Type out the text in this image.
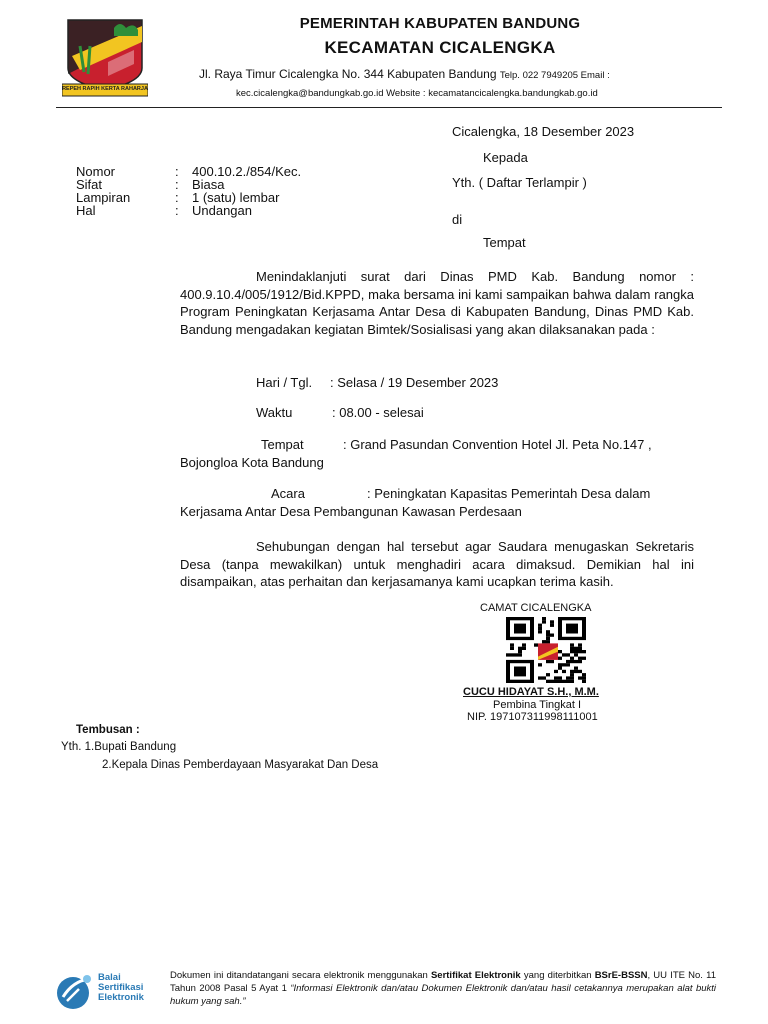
REPEH RAPIH KERTA RAHARJA
PEMERINTAH KABUPATEN BANDUNG
KECAMATAN CICALENGKA
Jl. Raya Timur Cicalengka No. 344 Kabupaten Bandung Telp. 022 7949205 Email :
kec.cicalengka@bandungkab.go.id Website : kecamatancicalengka.bandungkab.go.id
Cicalengka, 18 Desember 2023
Kepada
Yth. ( Daftar Terlampir )
di
Tempat
Nomor	:	400.10.2./854/Kec.
Sifat	:	Biasa
Lampiran	:	1 (satu) lembar
Hal	:	Undangan
Menindaklanjuti surat dari Dinas PMD Kab. Bandung nomor : 400.9.10.4/005/1912/Bid.KPPD, maka bersama ini kami sampaikan bahwa dalam rangka Program Peningkatan Kerjasama Antar Desa di Kabupaten Bandung, Dinas PMD Kab. Bandung mengadakan kegiatan Bimtek/Sosialisasi yang akan dilaksanakan pada :
Hari / Tgl. : Selasa / 19 Desember 2023
Waktu	: 08.00 - selesai
Tempat	: Grand Pasundan Convention Hotel Jl. Peta No.147 ,
Bojongloa Kota Bandung
Acara	: Peningkatan Kapasitas Pemerintah Desa dalam
Kerjasama Antar Desa Pembangunan Kawasan Perdesaan
Sehubungan dengan hal tersebut agar Saudara menugaskan Sekretaris Desa (tanpa mewakilkan) untuk menghadiri acara dimaksud. Demikian hal ini disampaikan, atas perhaitan dan kerjasamanya kami ucapkan terima kasih.
CAMAT CICALENGKA
CUCU HIDAYAT S.H., M.M.
Pembina Tingkat I
NIP. 197107311998111001
Tembusan :
Yth. 1.Bupati Bandung
2.Kepala Dinas Pemberdayaan Masyarakat Dan Desa
Balai
Sertifikasi
Elektronik
Dokumen ini ditandatangani secara elektronik menggunakan Sertifikat Elektronik yang diterbitkan BSrE-BSSN, UU ITE No. 11 Tahun 2008 Pasal 5 Ayat 1 “Informasi Elektronik dan/atau Dokumen Elektronik dan/atau hasil cetakannya merupakan alat bukti hukum yang sah.”
